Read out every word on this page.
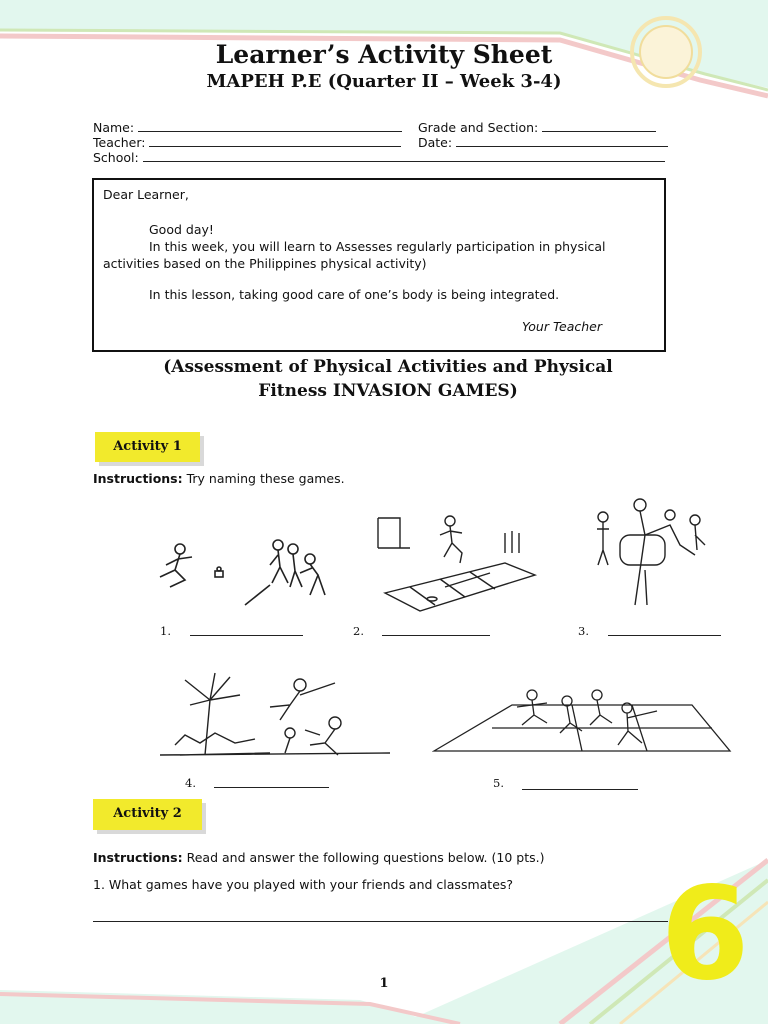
Learner’s Activity Sheet
MAPEH P.E (Quarter II – Week 3-4)
Name:	Grade and Section:
Teacher:	Date:
School:

Dear Learner,

Good day!

In this week, you will learn to Assesses regularly participation in physical

activities based on the Philippines physical activity)

In this lesson, taking good care of one’s body is being integrated.

Your Teacher

(Assessment of Physical Activities and Physical
Fitness INVASION GAMES)
Activity 1
Instructions: Try naming these games.
1.	2.	3.
4.	5.
Activity 2
Instructions: Read and answer the following questions below. (10 pts.)
1. What games have you played with your friends and classmates? 6
1
